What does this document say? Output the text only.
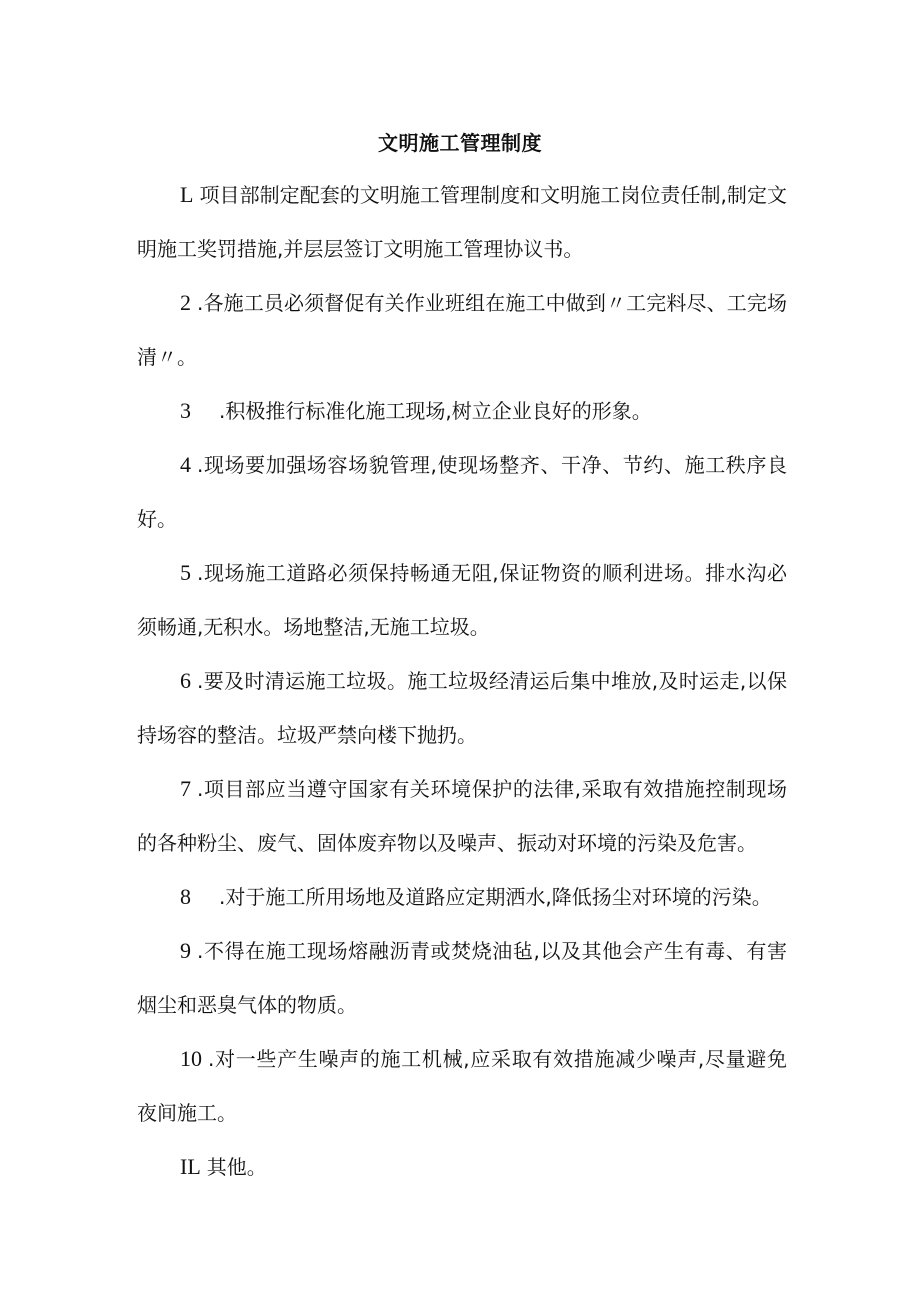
文明施工管理制度

L 项目部制定配套的文明施工管理制度和文明施工岗位责任制,制定文明施工奖罚措施,并层层签订文明施工管理协议书。

2 .各施工员必须督促有关作业班组在施工中做到〃工完料尽、工完场清〃。

3 .积极推行标准化施工现场,树立企业良好的形象。

4 .现场要加强场容场貌管理,使现场整齐、干净、节约、施工秩序良好。

5 .现场施工道路必须保持畅通无阻,保证物资的顺利进场。排水沟必须畅通,无积水。场地整洁,无施工垃圾。

6 .要及时清运施工垃圾。施工垃圾经清运后集中堆放,及时运走,以保持场容的整洁。垃圾严禁向楼下抛扔。

7 .项目部应当遵守国家有关环境保护的法律,采取有效措施控制现场的各种粉尘、废气、固体废弃物以及噪声、振动对环境的污染及危害。

8 .对于施工所用场地及道路应定期洒水,降低扬尘对环境的污染。

9 .不得在施工现场熔融沥青或焚烧油毡,以及其他会产生有毒、有害烟尘和恶臭气体的物质。

10 .对一些产生噪声的施工机械,应采取有效措施减少噪声,尽量避免夜间施工。

IL 其他。
